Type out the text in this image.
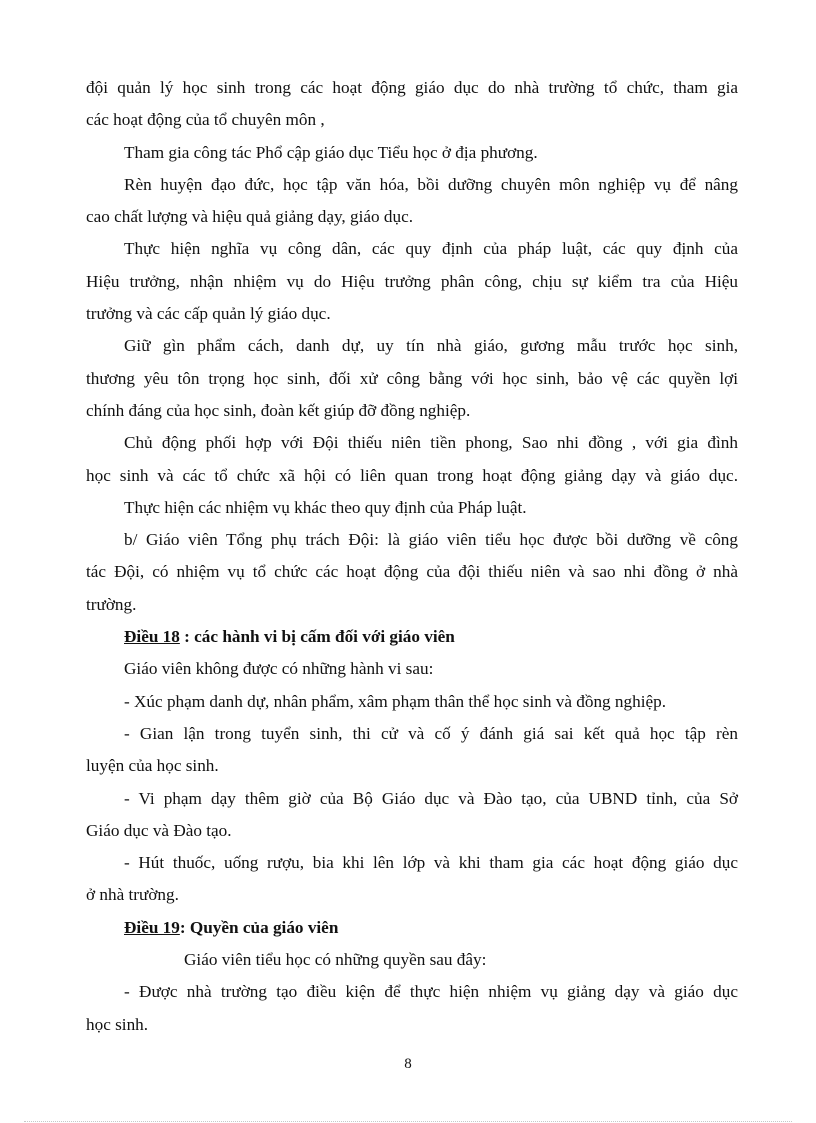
đội quản lý học sinh trong các hoạt động giáo dục do nhà trường tổ chức, tham gia

các hoạt động của tổ chuyên môn ,

Tham gia công tác Phổ cập giáo dục Tiểu học ở địa phương.

Rèn huyện đạo đức, học tập văn hóa, bồi dưỡng chuyên môn nghiệp vụ để nâng

cao chất lượng và hiệu quả giảng dạy, giáo dục.

Thực hiện nghĩa vụ công dân, các quy định của pháp luật, các quy định của

Hiệu trưởng, nhận nhiệm vụ do Hiệu trưởng phân công, chịu sự kiểm tra của Hiệu

trưởng và các cấp quản lý giáo dục.

Giữ gìn phẩm cách, danh dự, uy tín nhà giáo, gương mẫu trước học sinh,

thương yêu tôn trọng học sinh, đối xử công bằng với học sinh, bảo vệ các quyền lợi

chính đáng của học sinh, đoàn kết giúp đỡ đồng nghiệp.

Chủ động phối hợp với Đội thiếu niên tiền phong, Sao nhi đồng , với gia đình

học sinh và các tổ chức xã hội có liên quan trong hoạt động giảng dạy và giáo dục.

Thực hiện các nhiệm vụ khác theo quy định của Pháp luật.

b/ Giáo viên Tổng phụ trách Đội: là giáo viên tiểu học được bồi dưỡng về công

tác Đội, có nhiệm vụ tổ chức các hoạt động của đội thiếu niên và sao nhi đồng ở nhà

trường.

Điều 18 : các hành vi bị cấm đối với giáo viên

Giáo viên không được có những hành vi sau:

- Xúc phạm danh dự, nhân phẩm, xâm phạm thân thể học sinh và đồng nghiệp.

- Gian lận trong tuyển sinh, thi cử và cố ý đánh giá sai kết quả học tập rèn

luyện của học sinh.

- Vi phạm dạy thêm giờ của Bộ Giáo dục và Đào tạo, của UBND tỉnh, của Sở

Giáo dục và Đào tạo.

- Hút thuốc, uống rượu, bia khi lên lớp và khi tham gia các hoạt động giáo dục

ở nhà trường.

Điều 19: Quyền của giáo viên

Giáo viên tiểu học có những quyền sau đây:

- Được nhà trường tạo điều kiện để thực hiện nhiệm vụ giảng dạy và giáo dục

học sinh.

8
